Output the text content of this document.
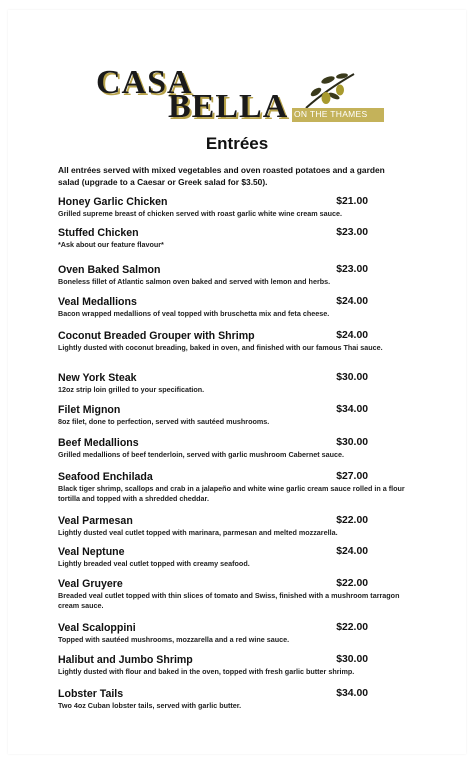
CASA
BELLA ON THE THAMES
Entrées
All entrées served with mixed vegetables and oven roasted potatoes and a garden salad (upgrade to a Caesar or Greek salad for $3.50).
Honey Garlic Chicken	$21.00
Grilled supreme breast of chicken served with roast garlic white wine cream sauce.
Stuffed Chicken	$23.00
*Ask about our feature flavour*
Oven Baked Salmon	$23.00
Boneless fillet of Atlantic salmon oven baked and served with lemon and herbs.
Veal Medallions	$24.00
Bacon wrapped medallions of veal topped with bruschetta mix and feta cheese.
Coconut Breaded Grouper with Shrimp	$24.00
Lightly dusted with coconut breading, baked in oven, and finished with our famous Thai sauce.
New York Steak	$30.00
12oz strip loin grilled to your specification.
Filet Mignon	$34.00
8oz filet, done to perfection, served with sautéed mushrooms.
Beef Medallions	$30.00
Grilled medallions of beef tenderloin, served with garlic mushroom Cabernet sauce.
Seafood Enchilada	$27.00
Black tiger shrimp, scallops and crab in a jalapeño and white wine garlic cream sauce rolled in a flour tortilla and topped with a shredded cheddar.
Veal Parmesan	$22.00
Lightly dusted veal cutlet topped with marinara, parmesan and melted mozzarella.
Veal Neptune	$24.00
Lightly breaded veal cutlet topped with creamy seafood.
Veal Gruyere	$22.00
Breaded veal cutlet topped with thin slices of tomato and Swiss, finished with a mushroom tarragon cream sauce.
Veal Scaloppini	$22.00
Topped with sautéed mushrooms, mozzarella and a red wine sauce.
Halibut and Jumbo Shrimp	$30.00
Lightly dusted with flour and baked in the oven, topped with fresh garlic butter shrimp.
Lobster Tails	$34.00
Two 4oz Cuban lobster tails, served with garlic butter.
